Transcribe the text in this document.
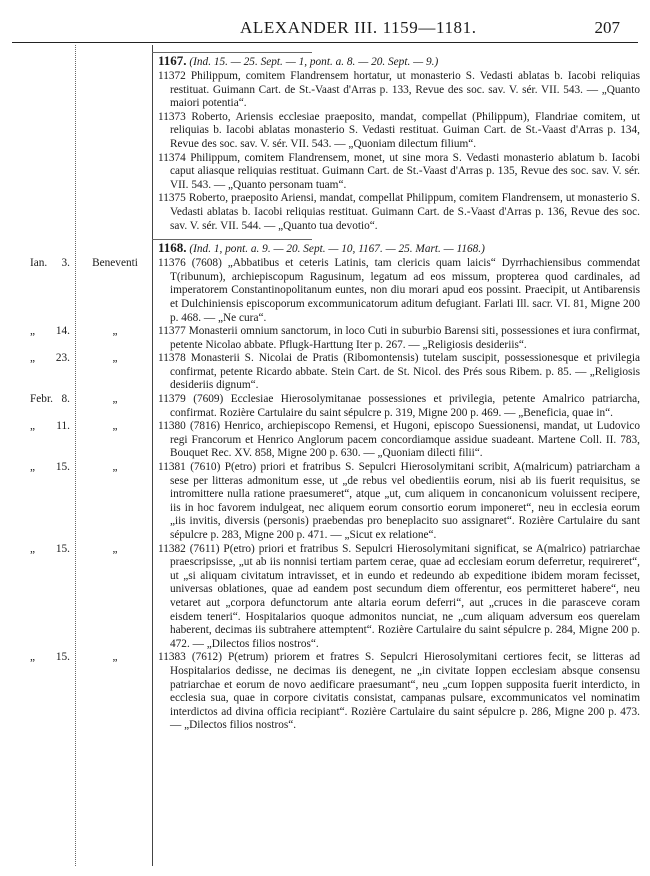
ALEXANDER III. 1159—1181.	207
1167. (Ind. 15. — 25. Sept. — 1, pont. a. 8. — 20. Sept. — 9.)
11372 Philippum, comitem Flandrensem hortatur, ut monasterio S. Vedasti ablatas b. Iacobi reliquias restituat. Guimann Cart. de St.-Vaast d'Arras p. 133, Revue des soc. sav. V. sér. VII. 543. — „Quanto maiori potentia“.
11373 Roberto, Ariensis ecclesiae praeposito, mandat, compellat (Philippum), Flandriae comitem, ut reliquias b. Iacobi ablatas monasterio S. Vedasti restituat. Guiman Cart. de St.-Vaast d'Arras p. 134, Revue des soc. sav. V. sér. VII. 543. — „Quoniam dilectum filium“.
11374 Philippum, comitem Flandrensem, monet, ut sine mora S. Vedasti monasterio ablatum b. Iacobi caput aliasque reliquias restituat. Guimann Cart. de St.-Vaast d'Arras p. 135, Revue des soc. sav. V. sér. VII. 543. — „Quanto personam tuam“.
11375 Roberto, praeposito Ariensi, mandat, compellat Philippum, comitem Flandrensem, ut monasterio S. Vedasti ablatas b. Iacobi reliquias restituat. Guimann Cart. de S.-Vaast d'Arras p. 136, Revue des soc. sav. V. sér. VII. 544. — „Quanto tua devotio“.
1168. (Ind. 1, pont. a. 9. — 20. Sept. — 10, 1167. — 25. Mart. — 1168.)
Ian. 3.	Beneventi	11376 (7608) „Abbatibus et ceteris Latinis, tam clericis quam laicis“ Dyrrhachiensibus commendat T(ribunum), archiepiscopum Ragusinum, legatum ad eos missum, propterea quod cardinales, ad imperatorem Constantinopolitanum euntes, non diu morari apud eos possint. Praecipit, ut Antibarensis et Dulchiniensis episcoporum excommunicatorum aditum defugiant. Farlati Ill. sacr. VI. 81, Migne 200 p. 468. — „Ne cura“.
„ 14.	„	11377 Monasterii omnium sanctorum, in loco Cuti in suburbio Barensi siti, possessiones et iura confirmat, petente Nicolao abbate. Pflugk-Harttung Iter p. 267. — „Religiosis desideriis“.
„ 23.	„	11378 Monasterii S. Nicolai de Pratis (Ribomontensis) tutelam suscipit, possessionesque et privilegia confirmat, petente Ricardo abbate. Stein Cart. de St. Nicol. des Prés sous Ribem. p. 85. — „Religiosis desideriis dignum“.
Febr. 8.	„	11379 (7609) Ecclesiae Hierosolymitanae possessiones et privilegia, petente Amalrico patriarcha, confirmat. Rozière Cartulaire du saint sépulcre p. 319, Migne 200 p. 469. — „Beneficia, quae in“.
„ 11.	„	11380 (7816) Henrico, archiepiscopo Remensi, et Hugoni, episcopo Suessionensi, mandat, ut Ludovico regi Francorum et Henrico Anglorum pacem concordiamque assidue suadeant. Martene Coll. II. 783, Bouquet Rec. XV. 858, Migne 200 p. 630. — „Quoniam dilecti filii“.
„ 15.	„	11381 (7610) P(etro) priori et fratribus S. Sepulcri Hierosolymitani scribit, A(malricum) patriarcham a sese per litteras admonitum esse, ut „de rebus vel obedientiis eorum, nisi ab iis fuerit requisitus, se intromittere nulla ratione praesumeret“, atque „ut, cum aliquem in concanonicum voluissent recipere, iis in hoc favorem indulgeat, nec aliquem eorum consortio eorum imponeret“, neu in ecclesia eorum „iis invitis, diversis (personis) praebendas pro beneplacito suo assignaret“. Rozière Cartulaire du sant sépulcre p. 283, Migne 200 p. 471. — „Sicut ex relatione“.
„ 15.	„	11382 (7611) P(etro) priori et fratribus S. Sepulcri Hierosolymitani significat, se A(malrico) patriarchae praescripsisse, „ut ab iis nonnisi tertiam partem cerae, quae ad ecclesiam eorum deferretur, requireret“, ut „si aliquam civitatum intravisset, et in eundo et redeundo ab expeditione ibidem moram fecisset, universas oblationes, quae ad eandem post secundum diem offerentur, eos permitteret habere“, neu vetaret aut „corpora defunctorum ante altaria eorum deferri“, aut „cruces in die parasceve coram eisdem teneri“. Hospitalarios quoque admonitos nunciat, ne „cum aliquam adversum eos querelam haberent, decimas iis subtrahere attemptent“. Rozière Cartulaire du saint sépulcre p. 284, Migne 200 p. 472. — „Dilectos filios nostros“.
„ 15.	„	11383 (7612) P(etrum) priorem et fratres S. Sepulcri Hierosolymitani certiores fecit, se litteras ad Hospitalarios dedisse, ne decimas iis denegent, ne „in civitate Ioppen ecclesiam absque consensu patriarchae et eorum de novo aedificare praesumant“, neu „cum Ioppen supposita fuerit interdicto, in ecclesia sua, quae in corpore civitatis consistat, campanas pulsare, excommunicatos vel nominatim interdictos ad divina officia recipiant“. Rozière Cartulaire du saint sépulcre p. 286, Migne 200 p. 473. — „Dilectos filios nostros“.
